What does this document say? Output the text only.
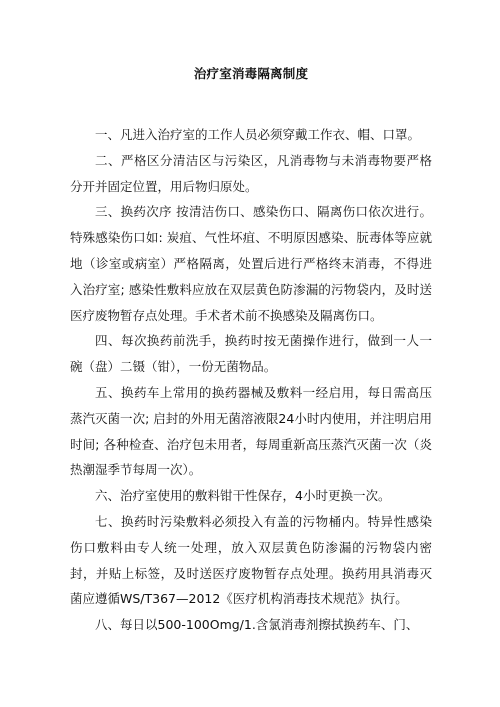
治疗室消毒隔离制度

一、凡进入治疗室的工作人员必须穿戴工作衣、帽、口罩。

二、严格区分清洁区与污染区，凡消毒物与未消毒物要严格分开并固定位置，用后物归原处。

三、换药次序 按清洁伤口、感染伤口、隔离伤口依次进行。特殊感染伤口如: 炭疽、气性坏疽、不明原因感染、朊毒体等应就地（诊室或病室）严格隔离，处置后进行严格终末消毒，不得进入治疗室; 感染性敷料应放在双层黄色防渗漏的污物袋内，及时送医疗废物暂存点处理。手术者术前不换感染及隔离伤口。

四、每次换药前洗手，换药时按无菌操作进行，做到一人一碗（盘）二镊（钳），一份无菌物品。

五、换药车上常用的换药器械及敷料一经启用，每日需高压蒸汽灭菌一次; 启封的外用无菌溶液限24小时内使用，并注明启用时间; 各种检查、治疗包未用者，每周重新高压蒸汽灭菌一次（炎热潮湿季节每周一次）。

六、治疗室使用的敷料钳干性保存，4小时更换一次。

七、换药时污染敷料必须投入有盖的污物桶内。特异性感染伤口敷料由专人统一处理，放入双层黄色防渗漏的污物袋内密封，并贴上标签，及时送医疗废物暂存点处理。换药用具消毒灭菌应遵循WS/T367—2012《医疗机构消毒技术规范》执行。

八、每日以500-100Omg/1.含氯消毒剂擦拭换药车、门、
